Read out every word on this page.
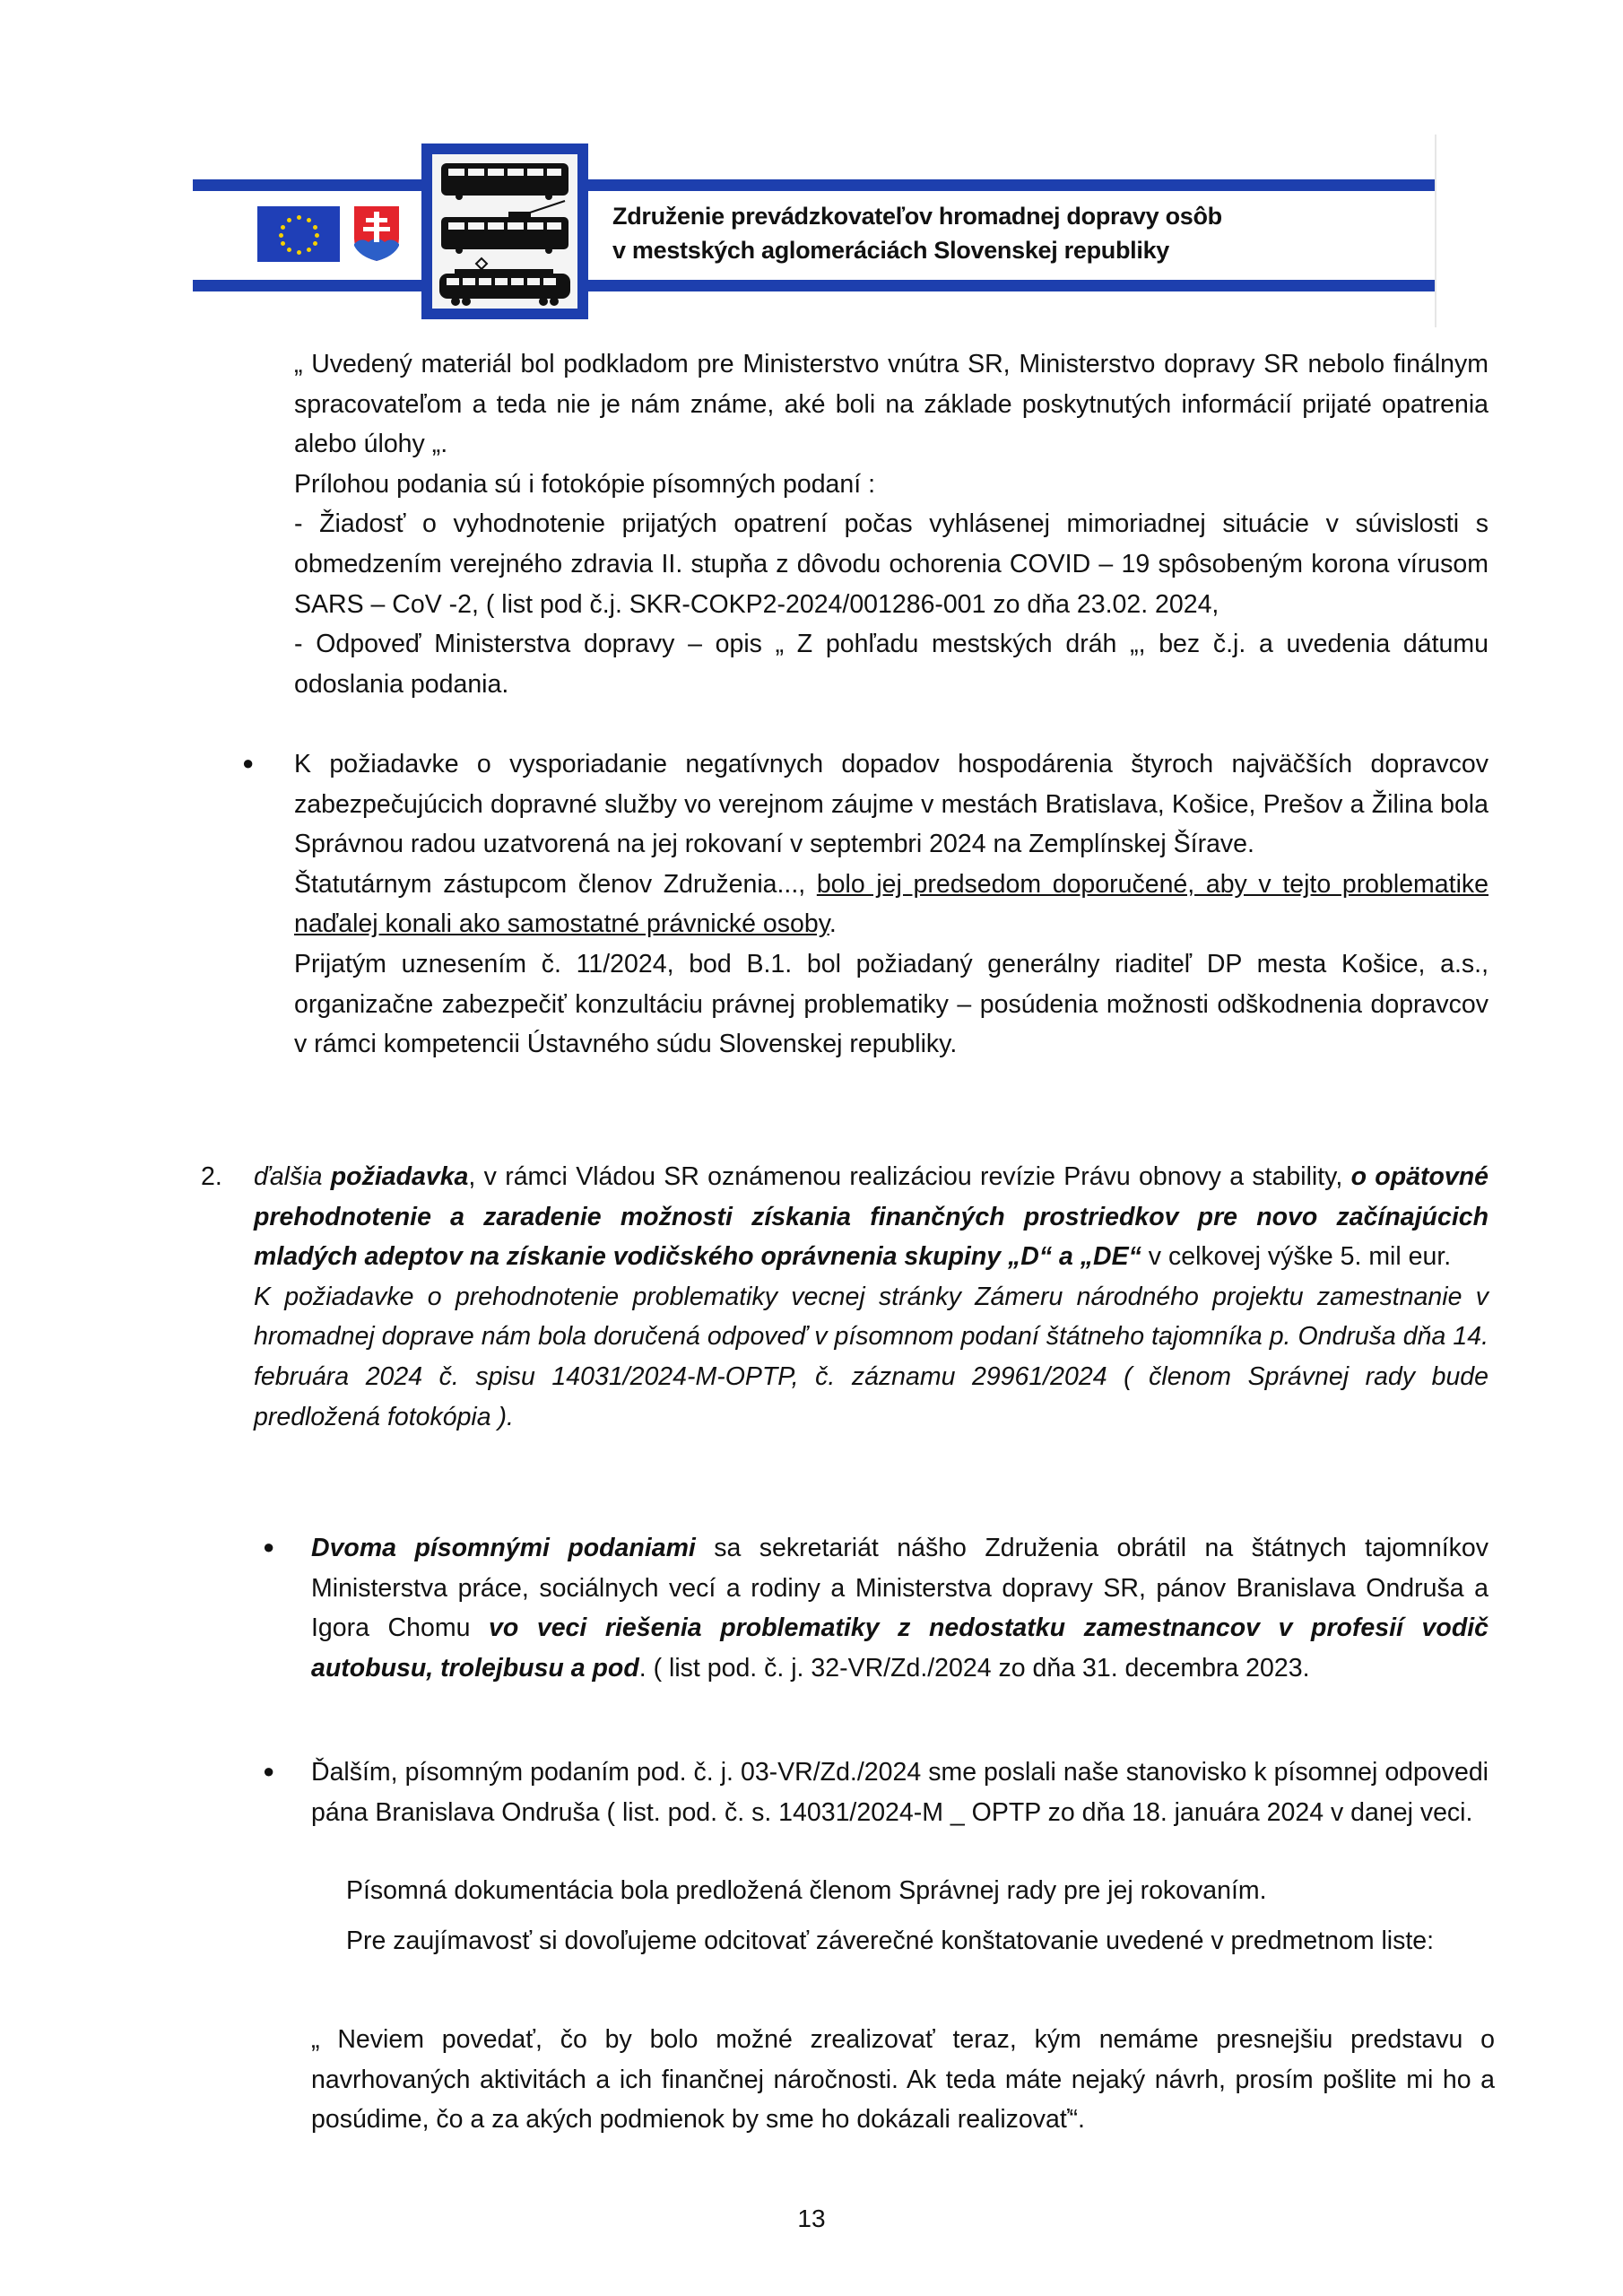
Združenie prevádzkovateľov hromadnej dopravy osôb
v mestských aglomeráciách Slovenskej republiky

„ Uvedený materiál bol podkladom pre Ministerstvo vnútra SR, Ministerstvo dopravy SR nebolo finálnym spracovateľom a teda nie je nám známe, aké boli na základe poskytnutých informácií prijaté opatrenia alebo úlohy „.

Prílohou podania sú i fotokópie písomných podaní :

- Žiadosť o vyhodnotenie prijatých opatrení počas vyhlásenej mimoriadnej situácie v súvislosti s obmedzením verejného zdravia II. stupňa z dôvodu ochorenia COVID – 19 spôsobeným korona vírusom SARS – CoV -2, ( list pod č.j. SKR-COKP2-2024/001286-001 zo dňa 23.02. 2024,

- Odpoveď Ministerstva dopravy – opis „ Z pohľadu mestských dráh „, bez č.j. a uvedenia dátumu odoslania podania.

● K požiadavke o vysporiadanie negatívnych dopadov hospodárenia štyroch najväčších dopravcov zabezpečujúcich dopravné služby vo verejnom záujme v mestách Bratislava, Košice, Prešov a Žilina bola Správnou radou uzatvorená na jej rokovaní v septembri 2024 na Zemplínskej Šírave.

Štatutárnym zástupcom členov Združenia..., bolo jej predsedom doporučené, aby v tejto problematike naďalej konali ako samostatné právnické osoby.

Prijatým uznesením č. 11/2024, bod B.1. bol požiadaný generálny riaditeľ DP mesta Košice, a.s., organizačne zabezpečiť konzultáciu právnej problematiky – posúdenia možnosti odškodnenia dopravcov v rámci kompetencii Ústavného súdu Slovenskej republiky.

2. ďalšia požiadavka, v rámci Vládou SR oznámenou realizáciou revízie Právu obnovy a stability, o opätovné prehodnotenie a zaradenie možnosti získania finančných prostriedkov pre novo začínajúcich mladých adeptov na získanie vodičského oprávnenia skupiny „D“ a „DE“ v celkovej výške 5. mil eur.

K požiadavke o prehodnotenie problematiky vecnej stránky Zámeru národného projektu zamestnanie v hromadnej doprave nám bola doručená odpoveď v písomnom podaní štátneho tajomníka p. Ondruša dňa 14. februára 2024 č. spisu 14031/2024-M-OPTP, č. záznamu 29961/2024 ( členom Správnej rady bude predložená fotokópia ).

● Dvoma písomnými podaniami sa sekretariát nášho Združenia obrátil na štátnych tajomníkov Ministerstva práce, sociálnych vecí a rodiny a Ministerstva dopravy SR, pánov Branislava Ondruša a Igora Chomu vo veci riešenia problematiky z nedostatku zamestnancov v profesií vodič autobusu, trolejbusu a pod. ( list pod. č. j. 32-VR/Zd./2024 zo dňa 31. decembra 2023.

● Ďalším, písomným podaním pod. č. j. 03-VR/Zd./2024 sme poslali naše stanovisko k písomnej odpovedi pána Branislava Ondruša ( list. pod. č. s. 14031/2024-M _ OPTP zo dňa 18. januára 2024 v danej veci.

Písomná dokumentácia bola predložená členom Správnej rady pre jej rokovaním.
Pre zaujímavosť si dovoľujeme odcitovať záverečné konštatovanie uvedené v predmetnom liste:
„ Neviem povedať, čo by bolo možné zrealizovať teraz, kým nemáme presnejšiu predstavu o navrhovaných aktivitách a ich finančnej náročnosti. Ak teda máte nejaký návrh, prosím pošlite mi ho a posúdime, čo a za akých podmienok by sme ho dokázali realizovať“.
13
